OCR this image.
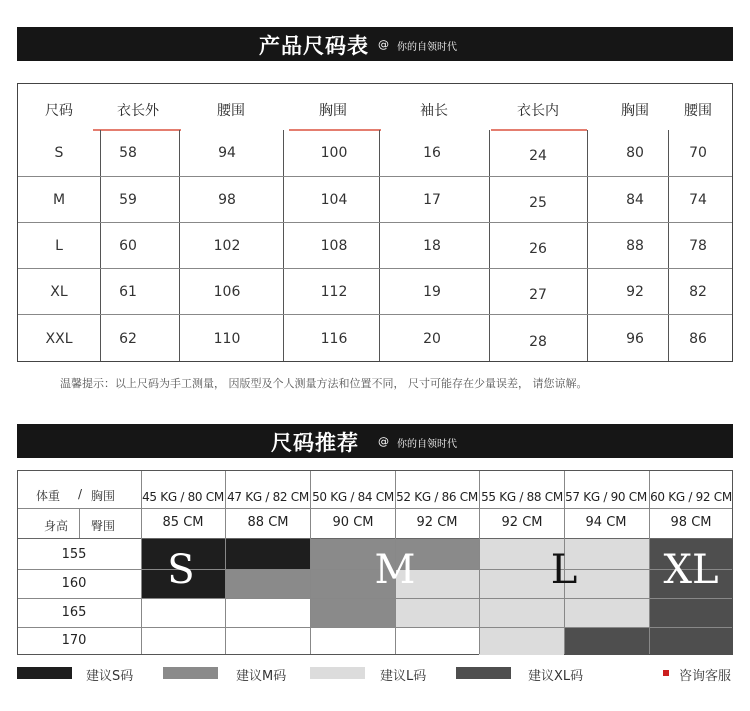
产品尺码表 @ 你的自领时代
尺码	衣长外	腰围	胸围	袖长	衣长内	胸围	腰围
S	58	94	100	16	24	80	70
M	59	98	104	17	25	84	74
L	60	102	108	18	26	88	78
XL	61	106	112	19	27	92	82
XXL	62	110	116	20	28	96	86
温馨提示：以上尺码为手工测量， 因版型及个人测量方法和位置不同， 尺寸可能存在少量误差， 请您谅解。
尺码推荐 @ 你的自领时代
S	M	L XL
体重 / 胸围
身高 臀围
45 KG / 80 CM 47 KG / 82 CM 50 KG / 84 CM 52 KG / 86 CM 55 KG / 88 CM 57 KG / 90 CM 60 KG / 92 CM
85 CM	88 CM	90 CM	92 CM	92 CM	94 CM	98 CM
155
160
165
170
建议S码	建议M码	建议L码	建议XL码	咨询客服
